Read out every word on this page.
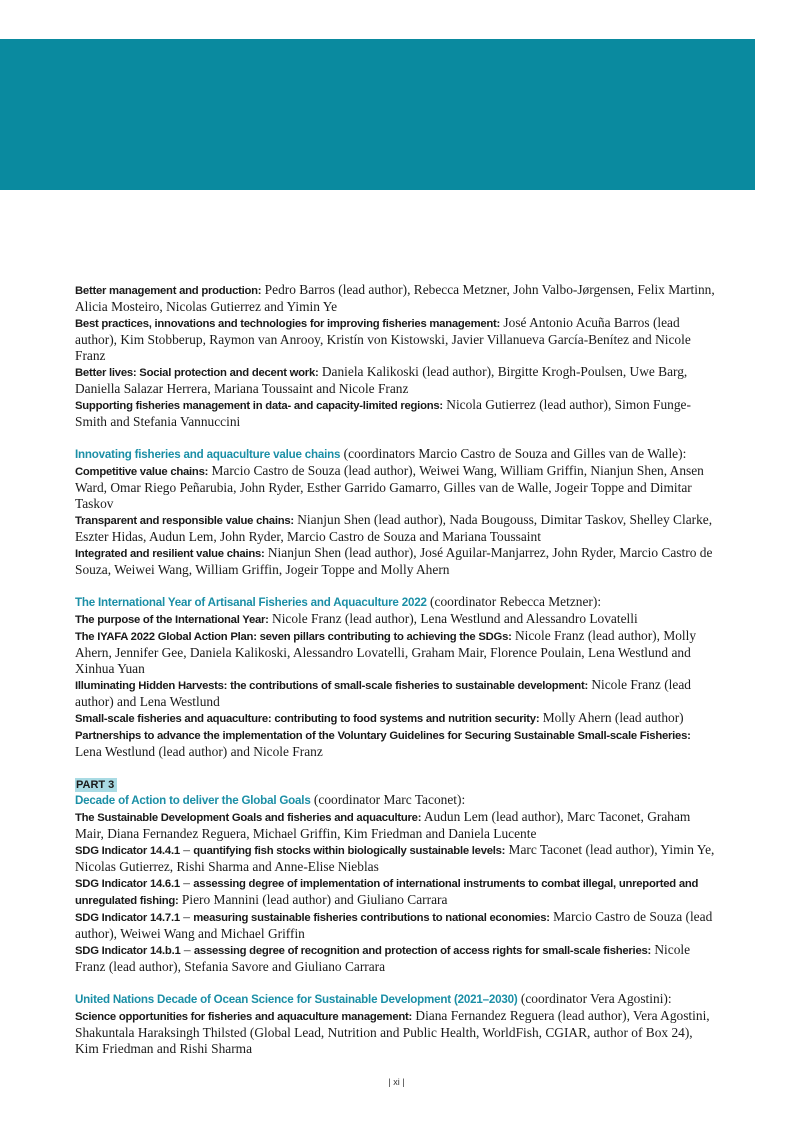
Better management and production: Pedro Barros (lead author), Rebecca Metzner, John Valbo-Jørgensen, Felix Martinn, Alicia Mosteiro, Nicolas Gutierrez and Yimin Ye

Best practices, innovations and technologies for improving fisheries management: José Antonio Acuña Barros (lead author), Kim Stobberup, Raymon van Anrooy, Kristín von Kistowski, Javier Villanueva García-Benítez and Nicole Franz

Better lives: Social protection and decent work: Daniela Kalikoski (lead author), Birgitte Krogh-Poulsen, Uwe Barg, Daniella Salazar Herrera, Mariana Toussaint and Nicole Franz

Supporting fisheries management in data- and capacity-limited regions: Nicola Gutierrez (lead author), Simon Funge-Smith and Stefania Vannuccini

Innovating fisheries and aquaculture value chains (coordinators Marcio Castro de Souza and Gilles van de Walle):

Competitive value chains: Marcio Castro de Souza (lead author), Weiwei Wang, William Griffin, Nianjun Shen, Ansen Ward, Omar Riego Peñarubia, John Ryder, Esther Garrido Gamarro, Gilles van de Walle, Jogeir Toppe and Dimitar Taskov

Transparent and responsible value chains: Nianjun Shen (lead author), Nada Bougouss, Dimitar Taskov, Shelley Clarke, Eszter Hidas, Audun Lem, John Ryder, Marcio Castro de Souza and Mariana Toussaint

Integrated and resilient value chains: Nianjun Shen (lead author), José Aguilar-Manjarrez, John Ryder, Marcio Castro de Souza, Weiwei Wang, William Griffin, Jogeir Toppe and Molly Ahern

The International Year of Artisanal Fisheries and Aquaculture 2022 (coordinator Rebecca Metzner):

The purpose of the International Year: Nicole Franz (lead author), Lena Westlund and Alessandro Lovatelli

The IYAFA 2022 Global Action Plan: seven pillars contributing to achieving the SDGs: Nicole Franz (lead author), Molly Ahern, Jennifer Gee, Daniela Kalikoski, Alessandro Lovatelli, Graham Mair, Florence Poulain, Lena Westlund and Xinhua Yuan

Illuminating Hidden Harvests: the contributions of small-scale fisheries to sustainable development: Nicole Franz (lead author) and Lena Westlund

Small-scale fisheries and aquaculture: contributing to food systems and nutrition security: Molly Ahern (lead author)

Partnerships to advance the implementation of the Voluntary Guidelines for Securing Sustainable Small-scale Fisheries: Lena Westlund (lead author) and Nicole Franz

PART 3

Decade of Action to deliver the Global Goals (coordinator Marc Taconet):

The Sustainable Development Goals and fisheries and aquaculture: Audun Lem (lead author), Marc Taconet, Graham Mair, Diana Fernandez Reguera, Michael Griffin, Kim Friedman and Daniela Lucente

SDG Indicator 14.4.1 – quantifying fish stocks within biologically sustainable levels: Marc Taconet (lead author), Yimin Ye, Nicolas Gutierrez, Rishi Sharma and Anne-Elise Nieblas

SDG Indicator 14.6.1 – assessing degree of implementation of international instruments to combat illegal, unreported and unregulated fishing: Piero Mannini (lead author) and Giuliano Carrara

SDG Indicator 14.7.1 – measuring sustainable fisheries contributions to national economies: Marcio Castro de Souza (lead author), Weiwei Wang and Michael Griffin

SDG Indicator 14.b.1 – assessing degree of recognition and protection of access rights for small-scale fisheries: Nicole Franz (lead author), Stefania Savore and Giuliano Carrara

United Nations Decade of Ocean Science for Sustainable Development (2021–2030) (coordinator Vera Agostini):

Science opportunities for fisheries and aquaculture management: Diana Fernandez Reguera (lead author), Vera Agostini, Shakuntala Haraksingh Thilsted (Global Lead, Nutrition and Public Health, WorldFish, CGIAR, author of Box 24), Kim Friedman and Rishi Sharma

| xi |
